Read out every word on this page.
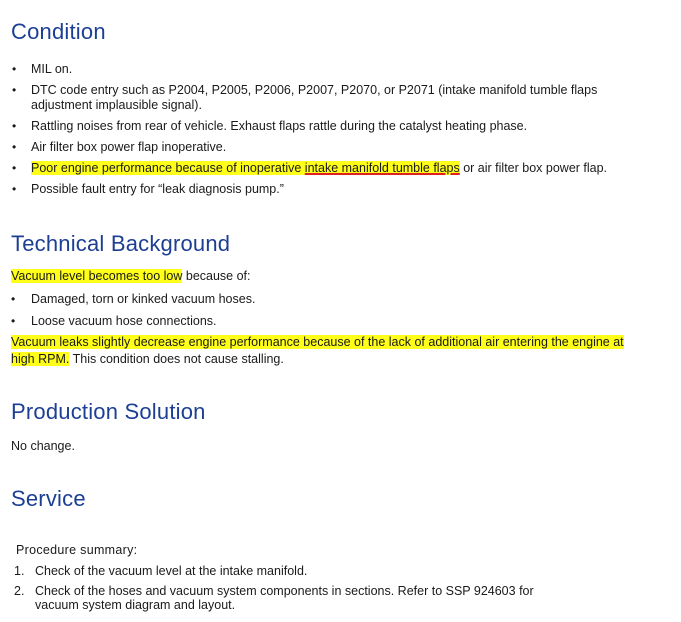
Condition
• MIL on.
• DTC code entry such as P2004, P2005, P2006, P2007, P2070, or P2071 (intake manifold tumble flaps adjustment implausible signal).
• Rattling noises from rear of vehicle. Exhaust flaps rattle during the catalyst heating phase.
• Air filter box power flap inoperative.
• Poor engine performance because of inoperative intake manifold tumble flaps or air filter box power flap.
• Possible fault entry for “leak diagnosis pump.”
Technical Background

Vacuum level becomes too low because of:

• Damaged, torn or kinked vacuum hoses.
• Loose vacuum hose connections.

Vacuum leaks slightly decrease engine performance because of the lack of additional air entering the engine at
high RPM. This condition does not cause stalling.

Production Solution

No change.

Service

Procedure summary:

1. Check of the vacuum level at the intake manifold.
2. Check of the hoses and vacuum system components in sections. Refer to SSP 924603 for
vacuum system diagram and layout.
